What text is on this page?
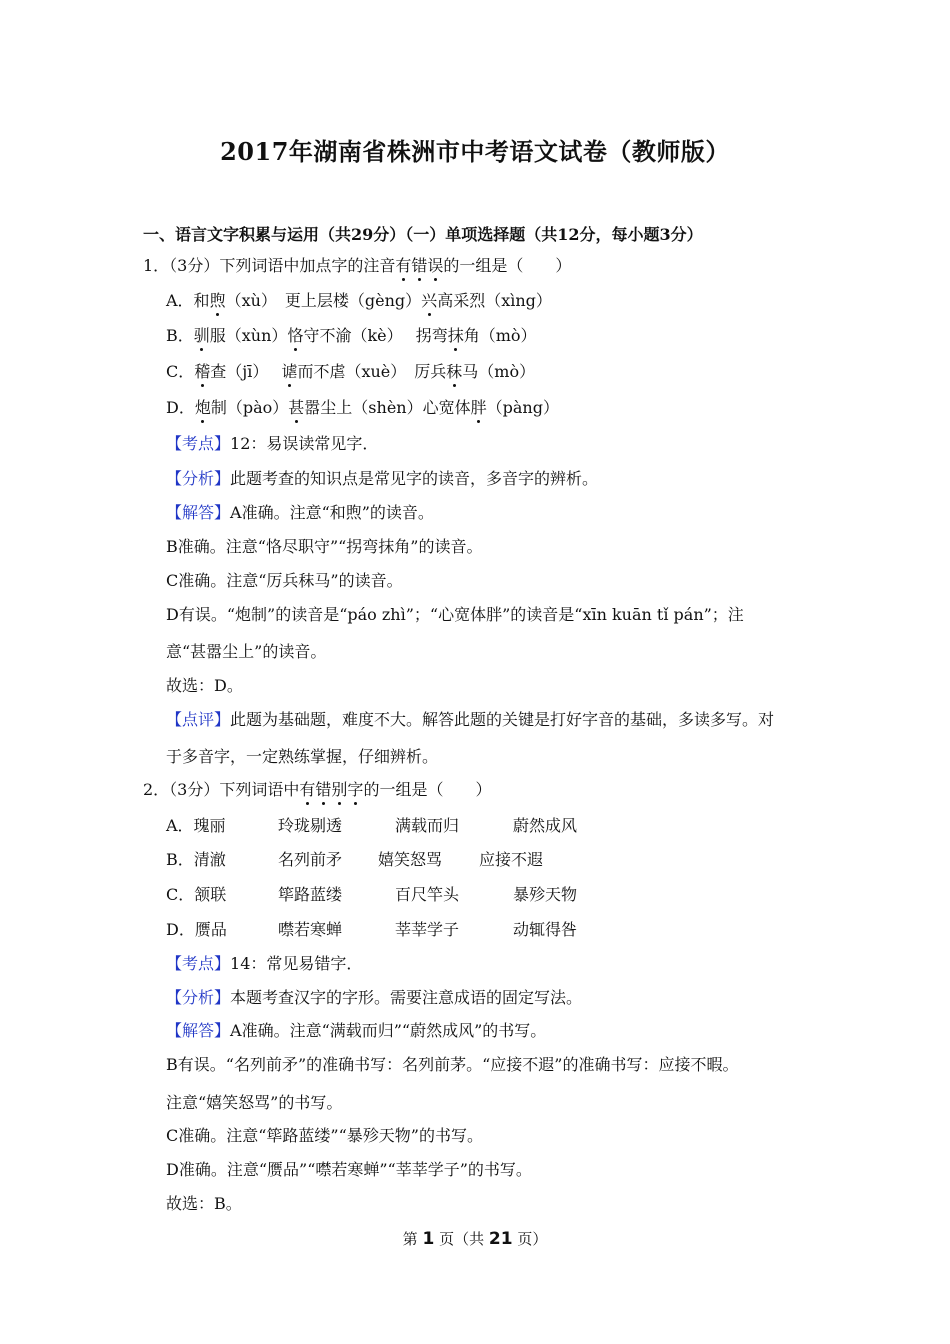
2017年湖南省株洲市中考语文试卷（教师版）
一、语言文字积累与运用（共29分）（一）单项选择题（共12分，每小题3分）
1．（3分）下列词语中加点字的注音有错误的一组是（　　）
A．和煦（xù）　更上层楼（gèng）兴高采烈（xìng）
B．驯服（xùn）恪守不渝（kè）　 拐弯抹角（mò）
C．稽查（jī）　 谑而不虐（xuè）　厉兵秣马（mò）
D．炮制（pào）甚嚣尘上（shèn）心宽体胖（pàng）
【考点】12：易误读常见字．
【分析】此题考查的知识点是常见字的读音，多音字的辨析。
【解答】A准确。注意“和煦”的读音。
B准确。注意“恪尽职守”“拐弯抹角”的读音。
C准确。注意“厉兵秣马”的读音。
D有误。“炮制”的读音是“páo zhì”；“心宽体胖”的读音是“xīn kuān tǐ pán”；注
意“甚嚣尘上”的读音。
故选：D。
【点评】此题为基础题，难度不大。解答此题的关键是打好字音的基础，多读多写。对
于多音字，一定熟练掌握，仔细辨析。
2．（3分）下列词语中有错别字的一组是（　　）
A．瑰丽	玲珑剔透	满载而归	蔚然成风
B．清澈	名列前矛 嬉笑怒骂 应接不遐
C．颔联	筚路蓝缕	百尺竿头	暴殄天物
D．赝品	噤若寒蝉	莘莘学子	动辄得咎
【考点】14：常见易错字．
【分析】本题考查汉字的字形。需要注意成语的固定写法。
【解答】A准确。注意“满载而归”“蔚然成风”的书写。
B有误。“名列前矛”的准确书写：名列前茅。“应接不遐”的准确书写：应接不暇。
注意“嬉笑怒骂”的书写。
C准确。注意“筚路蓝缕”“暴殄天物”的书写。
D准确。注意“赝品”“噤若寒蝉”“莘莘学子”的书写。
故选：B。
第 1 页（共 21 页）
